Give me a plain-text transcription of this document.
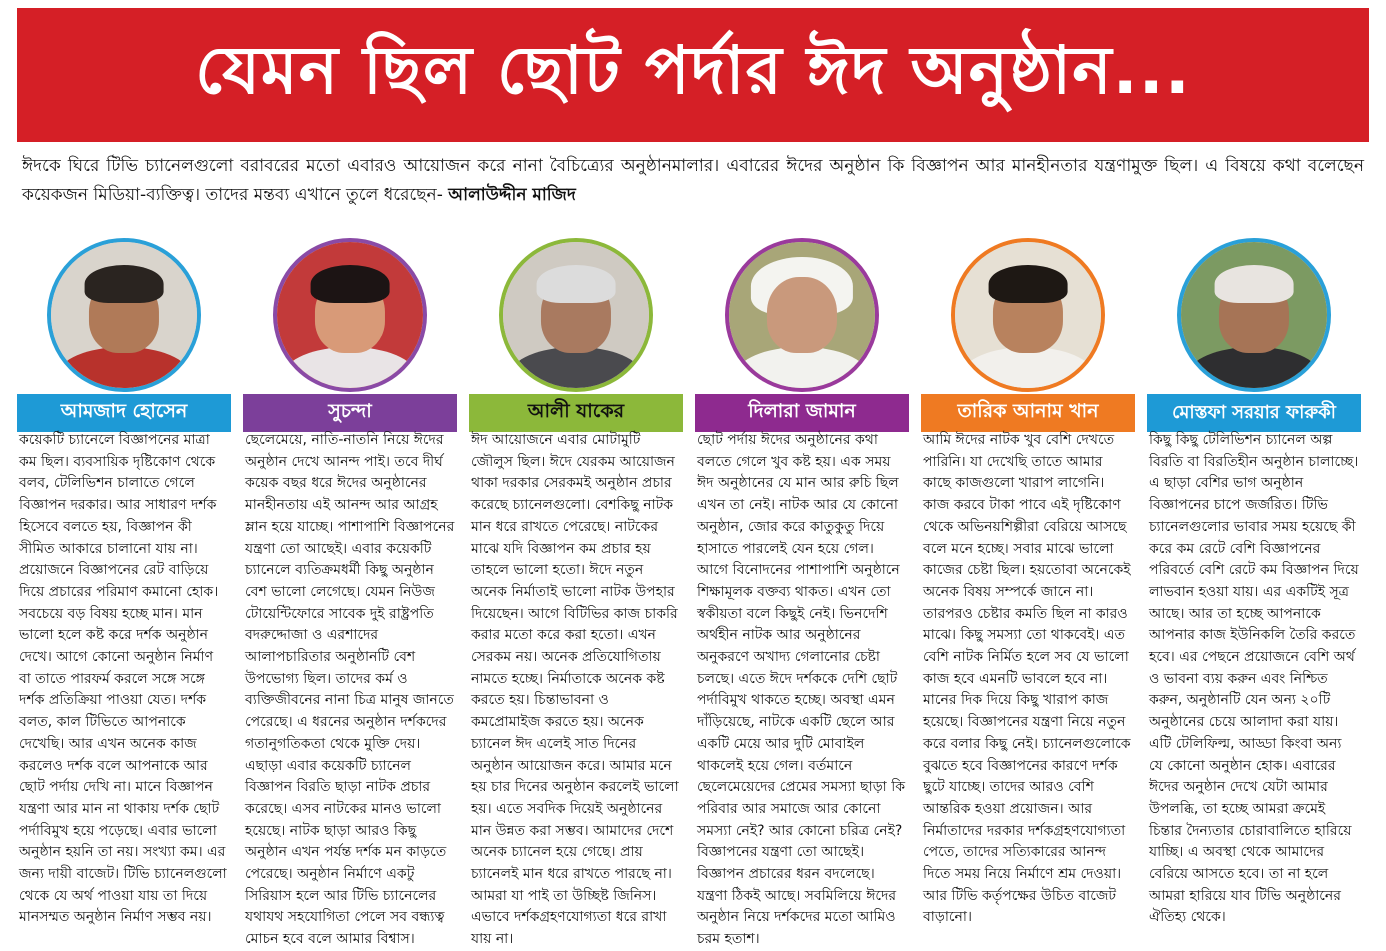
যেমন ছিল ছোট পর্দার ঈদ অনুষ্ঠান...
ঈদকে ঘিরে টিভি চ্যানেলগুলো বরাবরের মতো এবারও আয়োজন করে নানা বৈচিত্র্যের অনুষ্ঠানমালার। এবারের ঈদের অনুষ্ঠান কি বিজ্ঞাপন আর মানহীনতার যন্ত্রণামুক্ত ছিল। এ বিষয়ে কথা বলেছেন কয়েকজন মিডিয়া-ব্যক্তিত্ব। তাদের মন্তব্য এখানে তুলে ধরেছেন- আলাউদ্দীন মাজিদ
আমজাদ হোসেন
কয়েকটি চ্যানেলে বিজ্ঞাপনের মাত্রা কম ছিল। ব্যবসায়িক দৃষ্টিকোণ থেকে বলব, টেলিভিশন চালাতে গেলে বিজ্ঞাপন দরকার। আর সাধারণ দর্শক হিসেবে বলতে হয়, বিজ্ঞাপন কী সীমিত আকারে চালানো যায় না। প্রয়োজনে বিজ্ঞাপনের রেট বাড়িয়ে দিয়ে প্রচারের পরিমাণ কমানো হোক। সবচেয়ে বড় বিষয় হচ্ছে মান। মান ভালো হলে কষ্ট করে দর্শক অনুষ্ঠান দেখে। আগে কোনো অনুষ্ঠান নির্মাণ বা তাতে পারফর্ম করলে সঙ্গে সঙ্গে দর্শক প্রতিক্রিয়া পাওয়া যেত। দর্শক বলত, কাল টিভিতে আপনাকে দেখেছি। আর এখন অনেক কাজ করলেও দর্শক বলে আপনাকে আর ছোট পর্দায় দেখি না। মানে বিজ্ঞাপন যন্ত্রণা আর মান না থাকায় দর্শক ছোট পর্দাবিমুখ হয়ে পড়েছে। এবার ভালো অনুষ্ঠান হয়নি তা নয়। সংখ্যা কম। এর জন্য দায়ী বাজেট। টিভি চ্যানেলগুলো থেকে যে অর্থ পাওয়া যায় তা দিয়ে মানসম্মত অনুষ্ঠান নির্মাণ সম্ভব নয়।
সুচন্দা
ছেলেমেয়ে, নাতি-নাতনি নিয়ে ঈদের অনুষ্ঠান দেখে আনন্দ পাই। তবে দীর্ঘ কয়েক বছর ধরে ঈদের অনুষ্ঠানের মানহীনতায় এই আনন্দ আর আগ্রহ ম্লান হয়ে যাচ্ছে। পাশাপাশি বিজ্ঞাপনের যন্ত্রণা তো আছেই। এবার কয়েকটি চ্যানেলে ব্যতিক্রমধর্মী কিছু অনুষ্ঠান বেশ ভালো লেগেছে। যেমন নিউজ টোয়েন্টিফোরে সাবেক দুই রাষ্ট্রপতি বদরুদ্দোজা ও এরশাদের আলাপচারিতার অনুষ্ঠানটি বেশ উপভোগ্য ছিল। তাদের কর্ম ও ব্যক্তিজীবনের নানা চিত্র মানুষ জানতে পেরেছে। এ ধরনের অনুষ্ঠান দর্শকদের গতানুগতিকতা থেকে মুক্তি দেয়। এছাড়া এবার কয়েকটি চ্যানেল বিজ্ঞাপন বিরতি ছাড়া নাটক প্রচার করেছে। এসব নাটকের মানও ভালো হয়েছে। নাটক ছাড়া আরও কিছু অনুষ্ঠান এখন পর্যন্ত দর্শক মন কাড়তে পেরেছে। অনুষ্ঠান নির্মাণে একটু সিরিয়াস হলে আর টিভি চ্যানেলের যথাযথ সহযোগিতা পেলে সব বন্ধ্যত্ব মোচন হবে বলে আমার বিশ্বাস।
আলী যাকের
ঈদ আয়োজনে এবার মোটামুটি জৌলুস ছিল। ঈদে যেরকম আয়োজন থাকা দরকার সেরকমই অনুষ্ঠান প্রচার করেছে চ্যানেলগুলো। বেশকিছু নাটক মান ধরে রাখতে পেরেছে। নাটকের মাঝে যদি বিজ্ঞাপন কম প্রচার হয় তাহলে ভালো হতো। ঈদে নতুন অনেক নির্মাতাই ভালো নাটক উপহার দিয়েছেন। আগে বিটিভির কাজ চাকরি করার মতো করে করা হতো। এখন সেরকম নয়। অনেক প্রতিযোগিতায় নামতে হচ্ছে। নির্মাতাকে অনেক কষ্ট করতে হয়। চিন্তাভাবনা ও কমপ্রোমাইজ করতে হয়। অনেক চ্যানেল ঈদ এলেই সাত দিনের অনুষ্ঠান আয়োজন করে। আমার মনে হয় চার দিনের অনুষ্ঠান করলেই ভালো হয়। এতে সবদিক দিয়েই অনুষ্ঠানের মান উন্নত করা সম্ভব। আমাদের দেশে অনেক চ্যানেল হয়ে গেছে। প্রায় চ্যানেলই মান ধরে রাখতে পারছে না। আমরা যা পাই তা উচ্ছিষ্ট জিনিস। এভাবে দর্শকগ্রহণযোগ্যতা ধরে রাখা যায় না।
দিলারা জামান
ছোট পর্দায় ঈদের অনুষ্ঠানের কথা বলতে গেলে খুব কষ্ট হয়। এক সময় ঈদ অনুষ্ঠানের যে মান আর রুচি ছিল এখন তা নেই। নাটক আর যে কোনো অনুষ্ঠান, জোর করে কাতুকুতু দিয়ে হাসাতে পারলেই যেন হয়ে গেল। আগে বিনোদনের পাশাপাশি অনুষ্ঠানে শিক্ষামূলক বক্তব্য থাকত। এখন তো স্বকীয়তা বলে কিছুই নেই। ভিনদেশি অর্থহীন নাটক আর অনুষ্ঠানের অনুকরণে অখাদ্য গেলানোর চেষ্টা চলছে। এতে ঈদে দর্শককে দেশি ছোট পর্দাবিমুখ থাকতে হচ্ছে। অবস্থা এমন দাঁড়িয়েছে, নাটকে একটি ছেলে আর একটি মেয়ে আর দুটি মোবাইল থাকলেই হয়ে গেল। বর্তমানে ছেলেমেয়েদের প্রেমের সমস্যা ছাড়া কি পরিবার আর সমাজে আর কোনো সমস্যা নেই? আর কোনো চরিত্র নেই? বিজ্ঞাপনের যন্ত্রণা তো আছেই। বিজ্ঞাপন প্রচারের ধরন বদলেছে। যন্ত্রণা ঠিকই আছে। সবমিলিয়ে ঈদের অনুষ্ঠান নিয়ে দর্শকদের মতো আমিও চরম হতাশ।
তারিক আনাম খান
আমি ঈদের নাটক খুব বেশি দেখতে পারিনি। যা দেখেছি তাতে আমার কাছে কাজগুলো খারাপ লাগেনি। কাজ করবে টাকা পাবে এই দৃষ্টিকোণ থেকে অভিনয়শিল্পীরা বেরিয়ে আসছে বলে মনে হচ্ছে। সবার মাঝে ভালো কাজের চেষ্টা ছিল। হয়তোবা অনেকেই অনেক বিষয় সম্পর্কে জানে না। তারপরও চেষ্টার কমতি ছিল না কারও মাঝে। কিছু সমস্যা তো থাকবেই। এত বেশি নাটক নির্মিত হলে সব যে ভালো কাজ হবে এমনটি ভাবলে হবে না। মানের দিক দিয়ে কিছু খারাপ কাজ হয়েছে। বিজ্ঞাপনের যন্ত্রণা নিয়ে নতুন করে বলার কিছু নেই। চ্যানেলগুলোকে বুঝতে হবে বিজ্ঞাপনের কারণে দর্শক ছুটে যাচ্ছে। তাদের আরও বেশি আন্তরিক হওয়া প্রয়োজন। আর নির্মাতাদের দরকার দর্শকগ্রহণযোগ্যতা পেতে, তাদের সত্যিকারের আনন্দ দিতে সময় নিয়ে নির্মাণে শ্রম দেওয়া। আর টিভি কর্তৃপক্ষের উচিত বাজেট বাড়ানো।
মোস্তফা সরয়ার ফারুকী
কিছু কিছু টেলিভিশন চ্যানেল অল্প বিরতি বা বিরতিহীন অনুষ্ঠান চালাচ্ছে। এ ছাড়া বেশির ভাগ অনুষ্ঠান বিজ্ঞাপনের চাপে জর্জরিত। টিভি চ্যানেলগুলোর ভাবার সময় হয়েছে কী করে কম রেটে বেশি বিজ্ঞাপনের পরিবর্তে বেশি রেটে কম বিজ্ঞাপন দিয়ে লাভবান হওয়া যায়। এর একটিই সূত্র আছে। আর তা হচ্ছে আপনাকে আপনার কাজ ইউনিকলি তৈরি করতে হবে। এর পেছনে প্রয়োজনে বেশি অর্থ ও ভাবনা ব্যয় করুন এবং নিশ্চিত করুন, অনুষ্ঠানটি যেন অন্য ২০টি অনুষ্ঠানের চেয়ে আলাদা করা যায়। এটি টেলিফিল্ম, আড্ডা কিংবা অন্য যে কোনো অনুষ্ঠান হোক। এবারের ঈদের অনুষ্ঠান দেখে যেটা আমার উপলব্ধি, তা হচ্ছে আমরা ক্রমেই চিন্তার দৈন্যতার চোরাবালিতে হারিয়ে যাচ্ছি। এ অবস্থা থেকে আমাদের বেরিয়ে আসতে হবে। তা না হলে আমরা হারিয়ে যাব টিভি অনুষ্ঠানের ঐতিহ্য থেকে।
